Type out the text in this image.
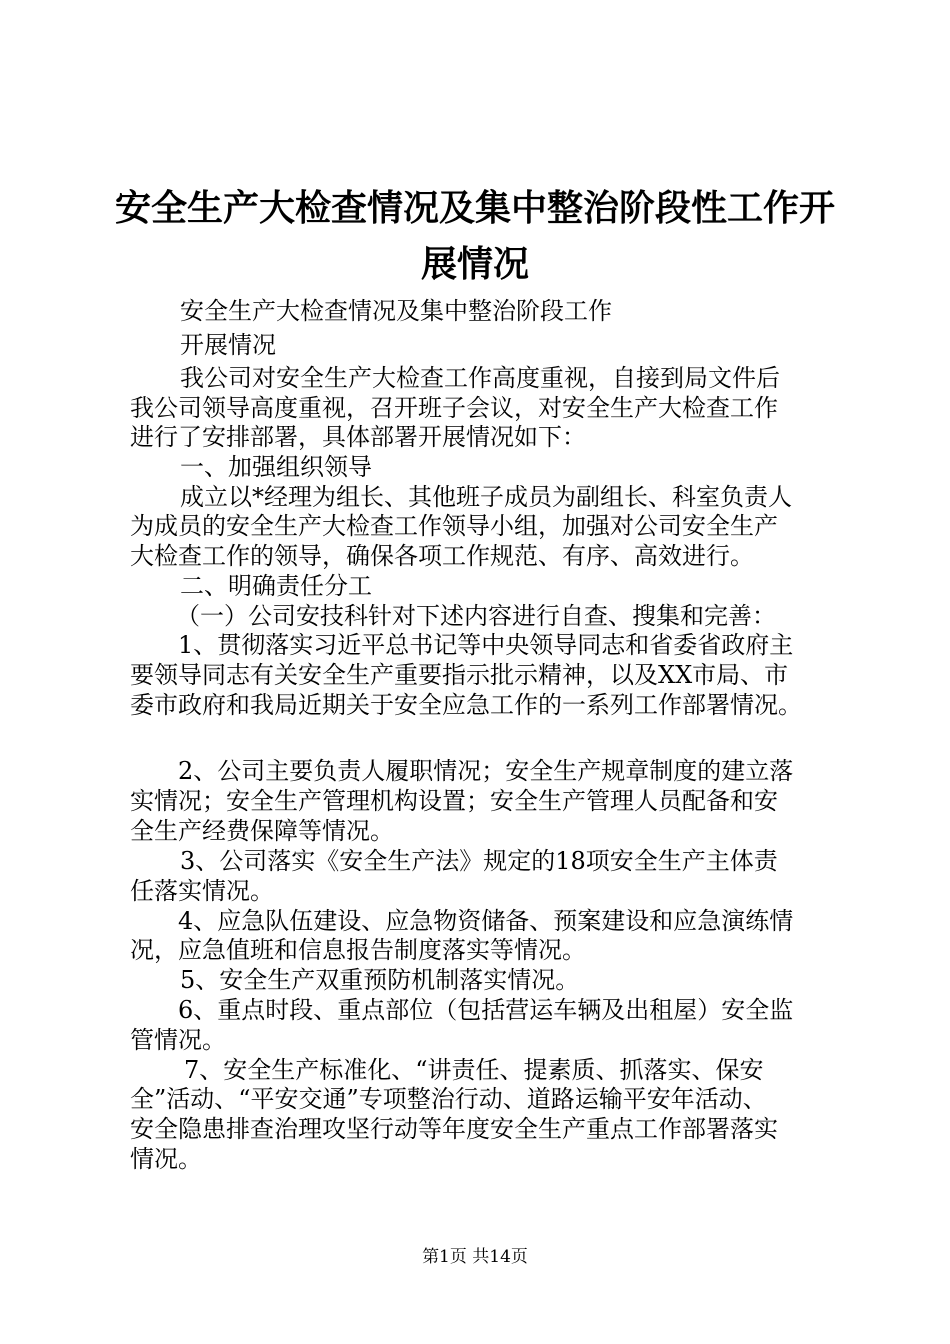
安全生产大检查情况及集中整治阶段性工作开
展情况
安全生产大检查情况及集中整治阶段工作
开展情况
我公司对安全生产大检查工作高度重视，自接到局文件后
我公司领导高度重视，召开班子会议，对安全生产大检查工作
进行了安排部署，具体部署开展情况如下：
一、加强组织领导
成立以*经理为组长、其他班子成员为副组长、科室负责人
为成员的安全生产大检查工作领导小组，加强对公司安全生产
大检查工作的领导，确保各项工作规范、有序、高效进行。
二、明确责任分工
（一）公司安技科针对下述内容进行自查、搜集和完善：
1、贯彻落实习近平总书记等中央领导同志和省委省政府主
要领导同志有关安全生产重要指示批示精神，以及XX市局、市
委市政府和我局近期关于安全应急工作的一系列工作部署情况。
2、公司主要负责人履职情况；安全生产规章制度的建立落
实情况；安全生产管理机构设置；安全生产管理人员配备和安
全生产经费保障等情况。
3、公司落实《安全生产法》规定的18项安全生产主体责
任落实情况。
4、应急队伍建设、应急物资储备、预案建设和应急演练情
况，应急值班和信息报告制度落实等情况。
5、安全生产双重预防机制落实情况。
6、重点时段、重点部位（包括营运车辆及出租屋）安全监
管情况。
7、安全生产标准化、“讲责任、提素质、抓落实、保安
全”活动、“平安交通”专项整治行动、道路运输平安年活动、
安全隐患排查治理攻坚行动等年度安全生产重点工作部署落实
情况。
第1页 共14页
